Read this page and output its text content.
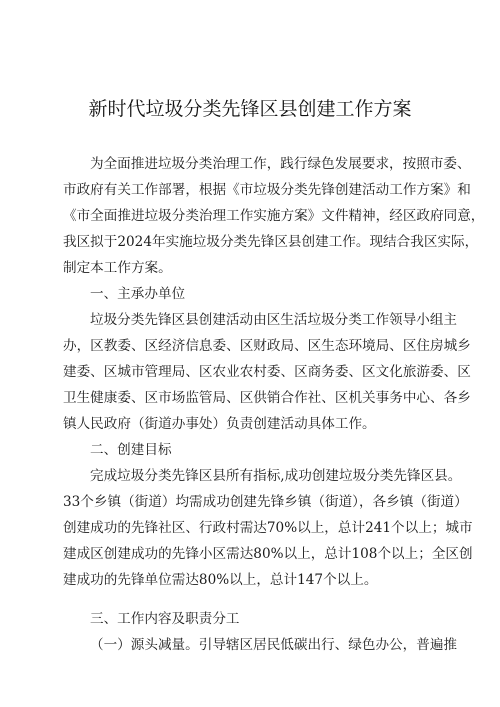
新时代垃圾分类先锋区县创建工作方案
为全面推进垃圾分类治理工作，践行绿色发展要求，按照市委、
市政府有关工作部署，根据《市垃圾分类先锋创建活动工作方案》和
《市全面推进垃圾分类治理工作实施方案》文件精神，经区政府同意，
我区拟于2024年实施垃圾分类先锋区县创建工作。现结合我区实际，
制定本工作方案。
一、主承办单位
垃圾分类先锋区县创建活动由区生活垃圾分类工作领导小组主
办，区教委、区经济信息委、区财政局、区生态环境局、区住房城乡
建委、区城市管理局、区农业农村委、区商务委、区文化旅游委、区
卫生健康委、区市场监管局、区供销合作社、区机关事务中心、各乡
镇人民政府（街道办事处）负责创建活动具体工作。
二、创建目标
完成垃圾分类先锋区县所有指标,成功创建垃圾分类先锋区县。
33个乡镇（街道）均需成功创建先锋乡镇（街道），各乡镇（街道）
创建成功的先锋社区、行政村需达70%以上，总计241个以上；城市
建成区创建成功的先锋小区需达80%以上，总计108个以上；全区创
建成功的先锋单位需达80%以上，总计147个以上。
三、工作内容及职责分工
（一）源头减量。引导辖区居民低碳出行、绿色办公，普遍推
